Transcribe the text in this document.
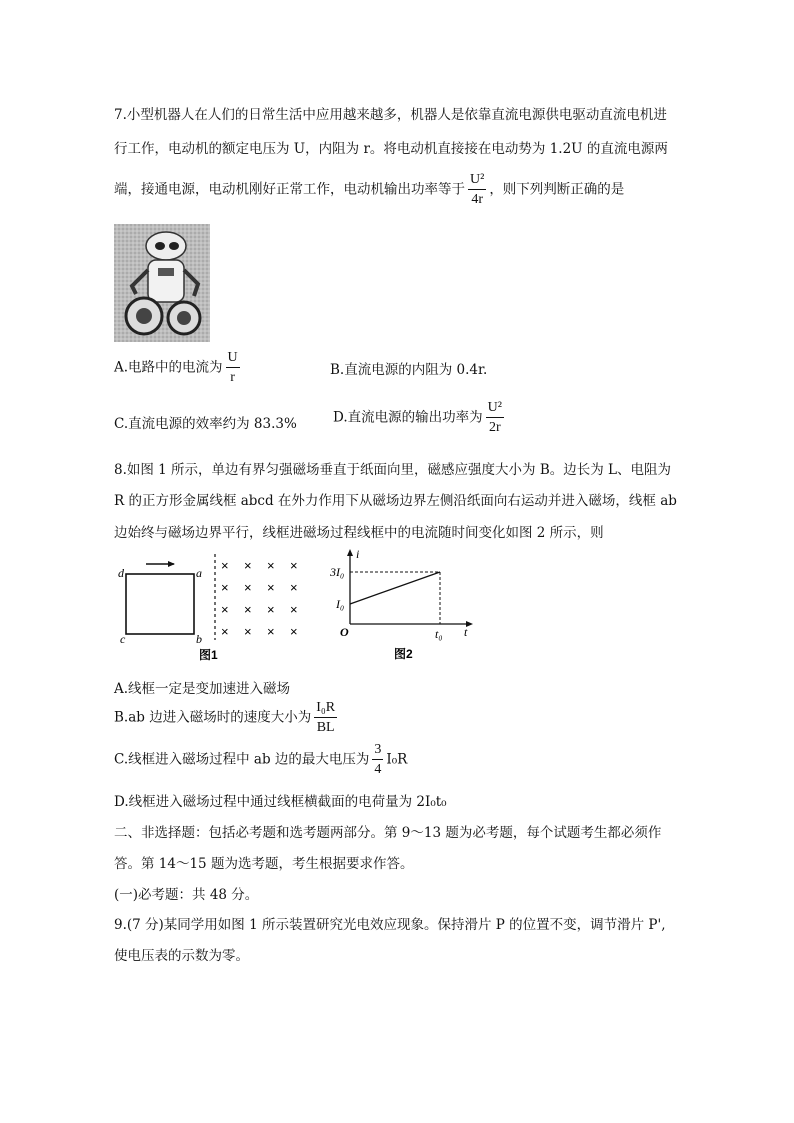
7.小型机器人在人们的日常生活中应用越来越多，机器人是依靠直流电源供电驱动直流电机进
行工作，电动机的额定电压为 U，内阻为 r。将电动机直接接在电动势为 1.2U 的直流电源两
端，接通电源，电动机刚好正常工作，电动机输出功率等于 $\frac{\text{U²}}{4r}$ ，则下列判断正确的是
A.电路中的电流为 $\frac{U}{r}$	B.直流电源的内阻为 0.4r.
C.直流电源的效率约为 83.3%	D.直流电源的输出功率为 $\frac{\text{U²}}{2r}$
8.如图 1 所示，单边有界匀强磁场垂直于纸面向里，磁感应强度大小为 B。边长为 L、电阻为
R 的正方形金属线框 abcd 在外力作用下从磁场边界左侧沿纸面向右运动并进入磁场，线框 ab
边始终与磁场边界平行，线框进磁场过程线框中的电流随时间变化如图 2 所示，则
× × × ×
× × × ×
× × × ×
× × × ×
d	a
c	b
图1
i
t
O
3I₀
I₀
t₀
图2
A.线框一定是变加速进入磁场
B.ab 边进入磁场时的速度大小为 $\frac{\text{I₀R}}{BL}$
C.线框进入磁场过程中 ab 边的最大电压为 $\frac{3}{4} I_0R$
D.线框进入磁场过程中通过线框横截面的电荷量为 2I₀t₀
二、非选择题：包括必考题和选考题两部分。第 9～13 题为必考题，每个试题考生都必须作
答。第 14～15 题为选考题，考生根据要求作答。
(一)必考题：共 48 分。
9.(7 分)某同学用如图 1 所示装置研究光电效应现象。保持滑片 P 的位置不变，调节滑片 P',
使电压表的示数为零。
